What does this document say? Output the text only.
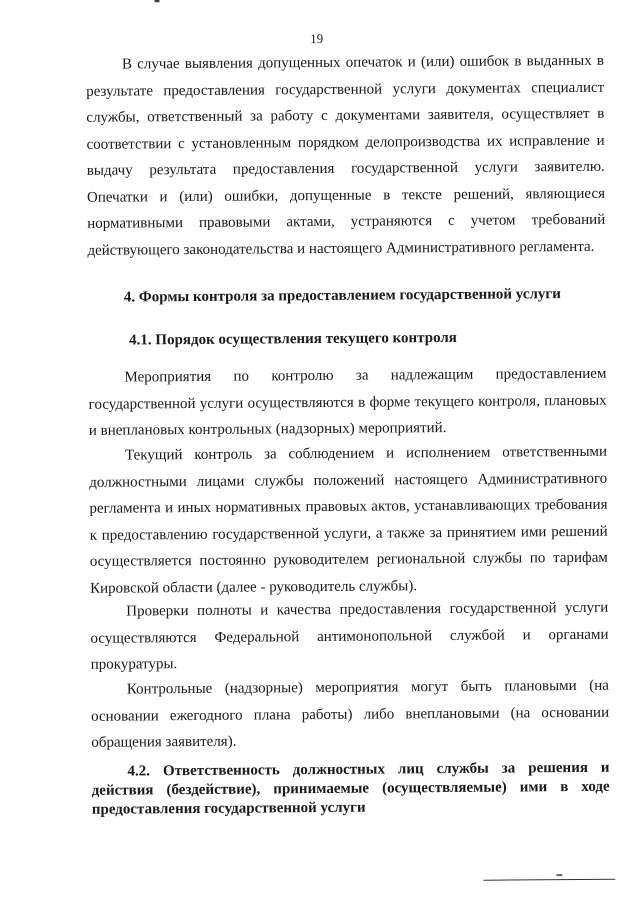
19

В случае выявления допущенных опечаток и (или) ошибок в выданных в результате предоставления государственной услуги документах специалист службы, ответственный за работу с документами заявителя, осуществляет в соответствии с установленным порядком делопроизводства их исправление и выдачу результата предоставления государственной услуги заявителю. Опечатки и (или) ошибки, допущенные в тексте решений, являющиеся нормативными правовыми актами, устраняются с учетом требований действующего законодательства и настоящего Административного регламента.

4. Формы контроля за предоставлением государственной услуги

4.1. Порядок осуществления текущего контроля

Мероприятия по контролю за надлежащим предоставлением государственной услуги осуществляются в форме текущего контроля, плановых и внеплановых контрольных (надзорных) мероприятий.

Текущий контроль за соблюдением и исполнением ответственными должностными лицами службы положений настоящего Административного регламента и иных нормативных правовых актов, устанавливающих требования к предоставлению государственной услуги, а также за принятием ими решений осуществляется постоянно руководителем региональной службы по тарифам Кировской области (далее - руководитель службы).

Проверки полноты и качества предоставления государственной услуги осуществляются Федеральной антимонопольной службой и органами прокуратуры.

Контрольные (надзорные) мероприятия могут быть плановыми (на основании ежегодного плана работы) либо внеплановыми (на основании обращения заявителя).

4.2. Ответственность должностных лиц службы за решения и действия (бездействие), принимаемые (осуществляемые) ими в ходе предоставления государственной услуги
